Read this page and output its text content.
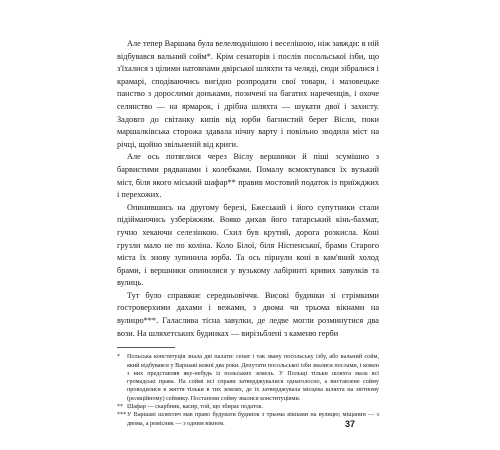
Але тепер Варшава була велелюднішою і веселішою, ніж завжди: в ній відбувався вальний сойм*. Крім сенаторів і послів посольської ізби, що з'їхалися з цілими натовпами двірської шляхти та челяді, сюди зібралися і крамарі, сподіваючись вигідно розпродати свої товари, і мазовецьке панство з дорослими доньками, позичені на багатих нареченців, і охоче селянство — на ярмарок, і дрібна шляхта — шукати двої і захисту. Задовго до світанку кипів від юрби багнистий берег Вісли, поки маршалківська сторожа здавала нічну варту і повільно зводила міст на річці, щойно звільненій від криги.

Але ось потяглися через Віслу вершники й піші зсумішно з барвистими рядванами і колебками. Помалу всмоктувався їх вузький міст, біля якого міський шафар** правив мостовий податок із приїжджих і перехожих.

Опинившись на другому березі, Бжеський і його супутники стали підіймаючись узберіжжям. Вояко дихав його татарський кінь-бахмат, гучно хекаючи селезінкою. Схил був крутий, дорога розкисла. Коні грузли мало не по коліна. Коло Білої, біля Ніспенської, брами Старого міста їх знову зупинила юрба. Та ось пірнули коні в кам'яний холод брами, і вершники опинилися у вузькому лабіринті кривих завулків та вулиць.

Тут було справжнє середньовіччя. Високі будинки зі стрімкими гостроверхими дахами і вежами, з двома чи трьома вікнами на вулицю***. Галаслива тісна завулки, де ледве могли розминутися два вози. На шляхетських будинках — вирізьблені з каменю герби

* Польська конституція знала дві палати: сенат і так звану посольську ізбу, або вальний сойм, який відбувався у Варшаві кожні два роки. Депутати посольської ізби звалися послами, і кожен з них представляв яку-небудь із польських земель. У Польщі тільки шляхта мала всі громадські права. На соймі всі справи затверджувалися однаголосно, а виставлене сойму проводилися в життя тільки в тих землях, де їх затверджувала місцева шляхта на звітному (реляційному) сеймику. Постанови сойму звалися конституціями.

** Шафар — скарбник, касир, той, що збирає податок.

*** У Варшаві шляхтич мав право будувати будинок з трьома вікнами на вулицю; міщанин — з двома, а ремісник — з одним вікном.	37
